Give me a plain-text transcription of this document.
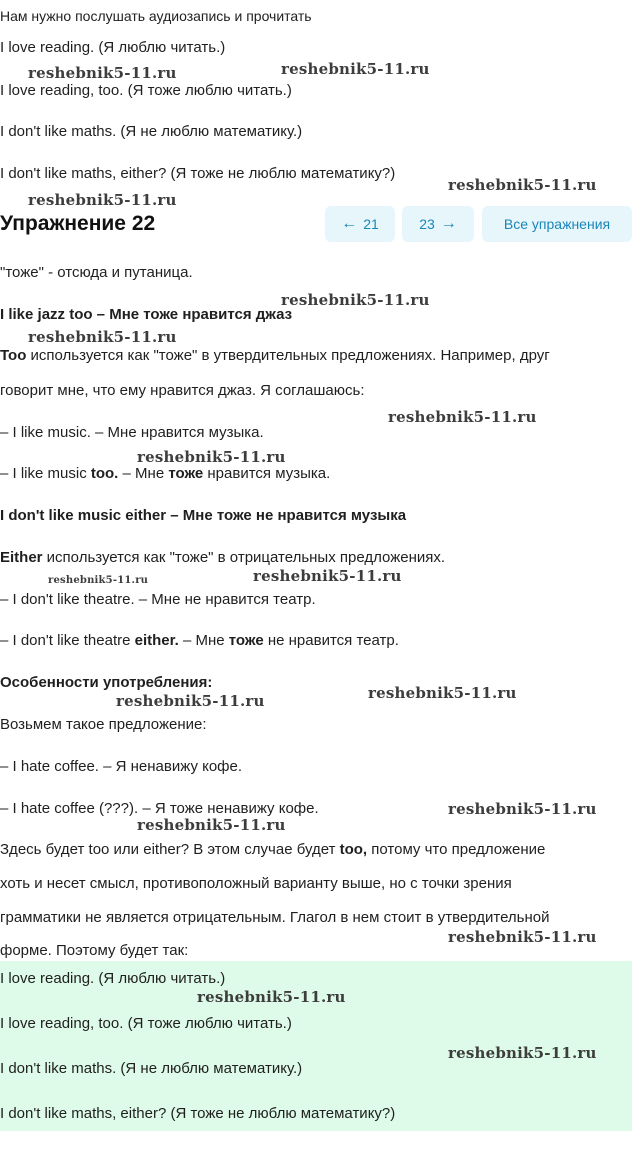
Нам нужно послушать аудиозапись и прочитать
I love reading. (Я люблю читать.)
I love reading, too. (Я тоже люблю читать.)
I don't like maths. (Я не люблю математику.)
I don't like maths, either? (Я тоже не люблю математику?)
Упражнение 22	← 21	23 →	Все упражнения
"тоже" - отсюда и путаница.
I like jazz too – Мне тоже нравится джаз
Too используется как "тоже" в утвердительных предложениях. Например, друг
говорит мне, что ему нравится джаз. Я соглашаюсь:
– I like music. – Мне нравится музыка.
– I like music too. – Мне тоже нравится музыка.
I don't like music either – Мне тоже не нравится музыка
Either используется как "тоже" в отрицательных предложениях.
– I don't like theatre. – Мне не нравится театр.
– I don't like theatre either. – Мне тоже не нравится театр.
Особенности употребления:
Возьмем такое предложение:
– I hate coffee. – Я ненавижу кофе.
– I hate coffee (???). – Я тоже ненавижу кофе.
Здесь будет too или either? В этом случае будет too, потому что предложение
хоть и несет смысл, противоположный варианту выше, но с точки зрения
грамматики не является отрицательным. Глагол в нем стоит в утвердительной
форме. Поэтому будет так:
I love reading. (Я люблю читать.)
I love reading, too. (Я тоже люблю читать.)
I don't like maths. (Я не люблю математику.)
I don't like maths, either? (Я тоже не люблю математику?)
reshebnik5-11.ru	reshebnik5-11.ru
reshebnik5-11.ru
reshebnik5-11.ru
reshebnik5-11.ru
reshebnik5-11.ru
reshebnik5-11.ru
reshebnik5-11.ru
reshebnik5-11.ru	reshebnik5-11.ru
reshebnik5-11.ru	reshebnik5-11.ru
reshebnik5-11.ru
reshebnik5-11.ru
reshebnik5-11.ru
reshebnik5-11.ru
reshebnik5-11.ru
